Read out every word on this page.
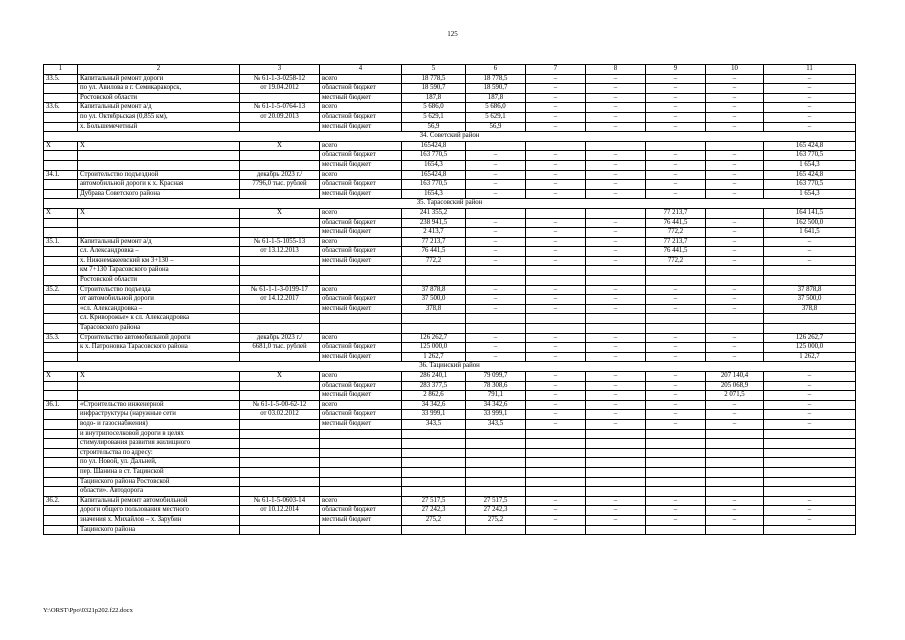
125
1	2	3	4	5	6	7	8	9	10	11
33.5.	Капитальный ремонт дороги	№ 61-1-3-0258-12	всего	18 778,5	18 778,5	–	–	–	–	–
	по ул. Авилова в г. Семикаракорск,	от 19.04.2012	областной бюджет	18 590,7	18 590,7	–	–	–	–	–
	Ростовской области		местный бюджет	187,8	187,8	–	–	–	–	–
33.6.	Капитальный ремонт а/д	№ 61-1-5-0764-13	всего	5 686,0	5 686,0	–	–	–	–	–
	по ул. Октябрьская (0,855 км),	от 20.09.2013	областной бюджет	5 629,1	5 629,1	–	–	–	–	–
	х. Большемечетный		местный бюджет	56,9	56,9	–	–	–	–	–
34. Советский район										
Х	Х	Х	всего	165424,8						165 424,8
			областной бюджет	163 770,5	–	–	–	–	–	163 770,5
			местный бюджет	1654,3	–	–	–	–	–	1 654,3
34.1.	Строительство подъездной	декабрь 2023 г./	всего	165424,8	–	–	–	–	–	165 424,8
	автомобильной дороги к х. Красная	7796,0 тыс. рублей	областной бюджет	163 770,5	–	–	–	–	–	163 770,5
	Дубрава Советского района		местный бюджет	1654,3	–	–	–	–	–	1 654,3
35. Тарасовский район										
Х	Х	Х	всего	241 355,2				77 213,7		164 141,5
			областной бюджет	238 941,5	–	–	–	76 441,5	–	162 500,0
			местный бюджет	2 413,7	–	–	–	772,2	–	1 641,5
35.1.	Капитальный ремонт а/д	№ 61-1-5-1055-13	всего	77 213,7	–	–	–	77 213,7	–	–
	сл. Александровка –	от 13.12.2013	областной бюджет	76 441,5	–	–	–	76 441,5	–	–
	х. Нижнемакеевский км 3+130 –		местный бюджет	772,2	–	–	–	772,2	–	–
	км 7+130 Тарасовского района									
	Ростовской области									
35.2.	Строительство подъезда	№ 61-1-1-3-0199-17	всего	37 878,8	–	–	–	–	–	37 878,8
	от автомобильной дороги	от 14.12.2017	областной бюджет	37 500,0	–	–	–	–	–	37 500,0
	«сл. Александровка –		местный бюджет	378,8	–	–	–	–	–	378,8
	сл. Криворожье» к сл. Александровка									
	Тарасовского района									
35.3.	Строительство автомобильной дороги	декабрь 2023 г./	всего	126 262,7	–	–	–	–	–	126 262,7
	к х. Патроновка Тарасовского района	6681,0 тыс. рублей	областной бюджет	125 000,0	–	–	–	–	–	125 000,0
			местный бюджет	1 262,7	–	–	–	–	–	1 262,7
36. Тацинский район										
Х	Х	Х	всего	286 240,1	79 099,7	–	–	–	207 140,4	–
			областной бюджет	283 377,5	78 308,6	–	–	–	205 068,9	–
			местный бюджет	2 862,6	791,1	–	–	–	2 071,5	–
36.1.	«Строительство инженерной	№ 61-1-5-00-62-12	всего	34 342,6	34 342,6	–	–	–	–	–
	инфраструктуры (наружные сети	от 03.02.2012	областной бюджет	33 999,1	33 999,1	–	–	–	–	–
	водо- и газоснабжения)		местный бюджет	343,5	343,5	–	–	–	–	–
	и внутрипоселковой дороги в целях									
	стимулирования развития жилищного									
	строительства по адресу:									
	по ул. Новой, ул. Дальней,									
	пер. Шанина в ст. Тацинской									
	Тацинского района Ростовской									
	области». Автодорога									
36.2.	Капитальный ремонт автомобильной	№ 61-1-5-0603-14	всего	27 517,5	27 517,5	–	–	–	–	–
	дороги общего пользования местного	от 10.12.2014	областной бюджет	27 242,3	27 242,3	–	–	–	–	–
	значения х. Михайлов – х. Зарубин		местный бюджет	275,2	275,2	–	–	–	–	–
	Тацинского района									
Y:\ORST\Ppo\0321p202.f22.docx
